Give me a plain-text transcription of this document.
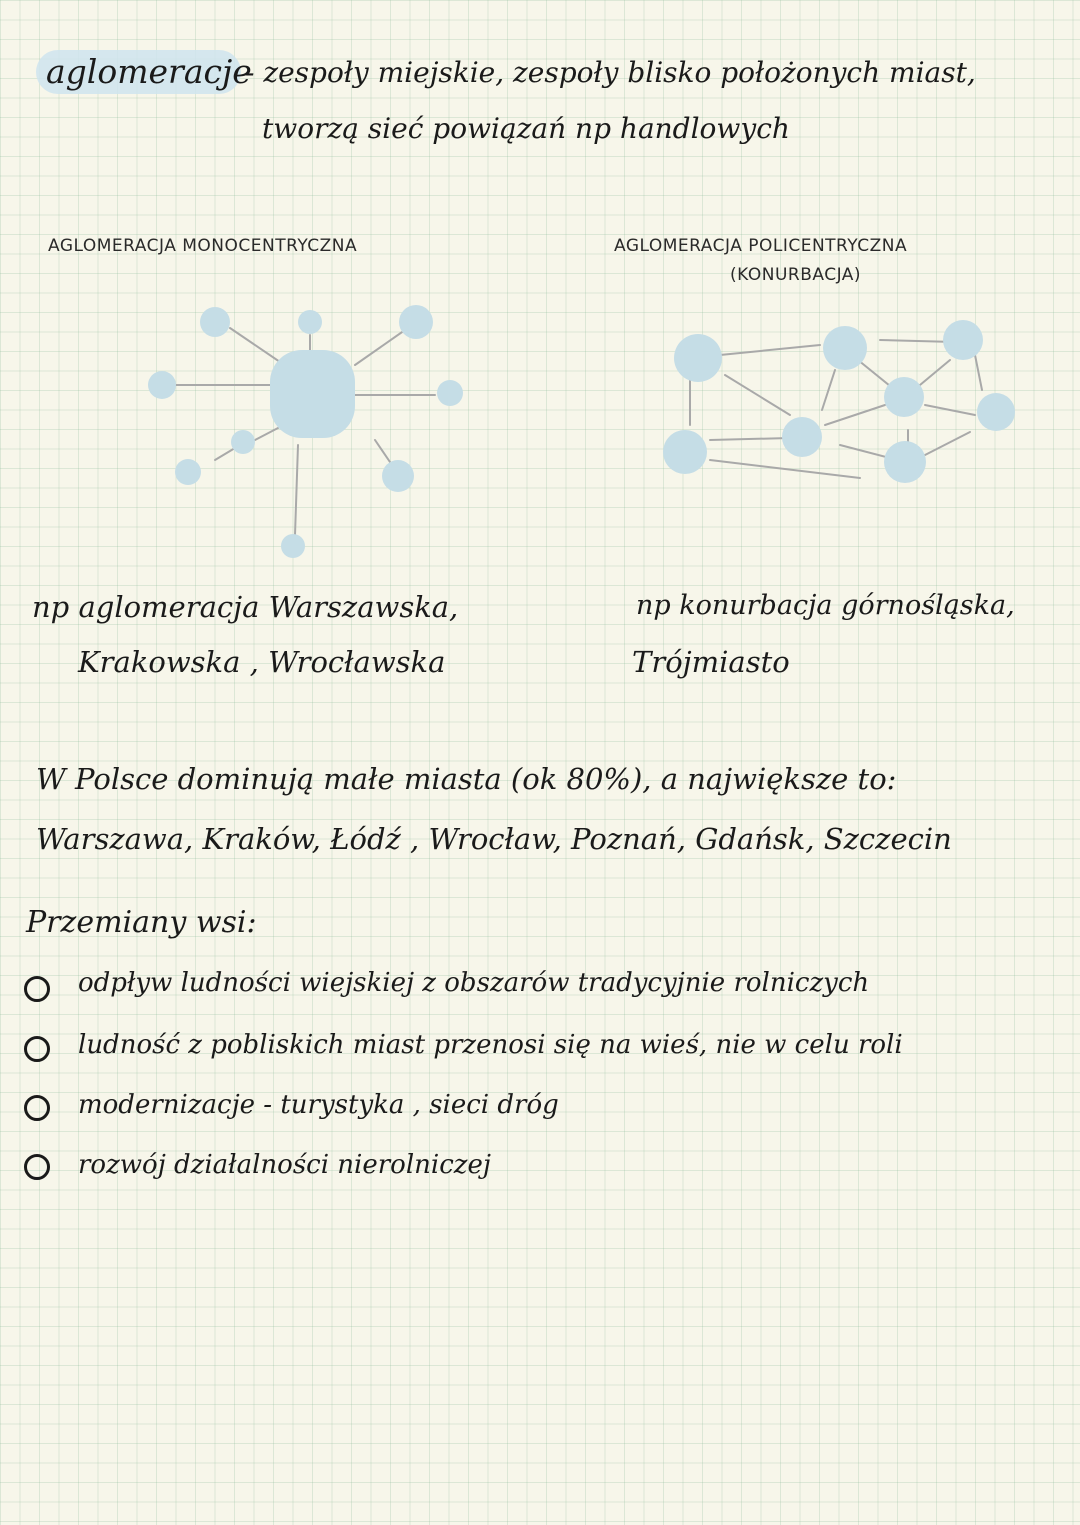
aglomeracje
- zespoły miejskie, zespoły blisko położonych miast,
tworzą sieć powiązań np handlowych
AGLOMERACJA MONOCENTRYCZNA	AGLOMERACJA POLICENTRYCZNA
(KONURBACJA)
np aglomeracja Warszawska,
Krakowska , Wrocławska
np konurbacja górnośląska,
Trójmiasto
W Polsce dominują małe miasta (ok 80%), a największe to:
Warszawa, Kraków, Łódź , Wrocław, Poznań, Gdańsk, Szczecin
Przemiany wsi:
odpływ ludności wiejskiej z obszarów tradycyjnie rolniczych
ludność z pobliskich miast przenosi się na wieś, nie w celu roli
modernizacje - turystyka , sieci dróg
rozwój działalności nierolniczej
